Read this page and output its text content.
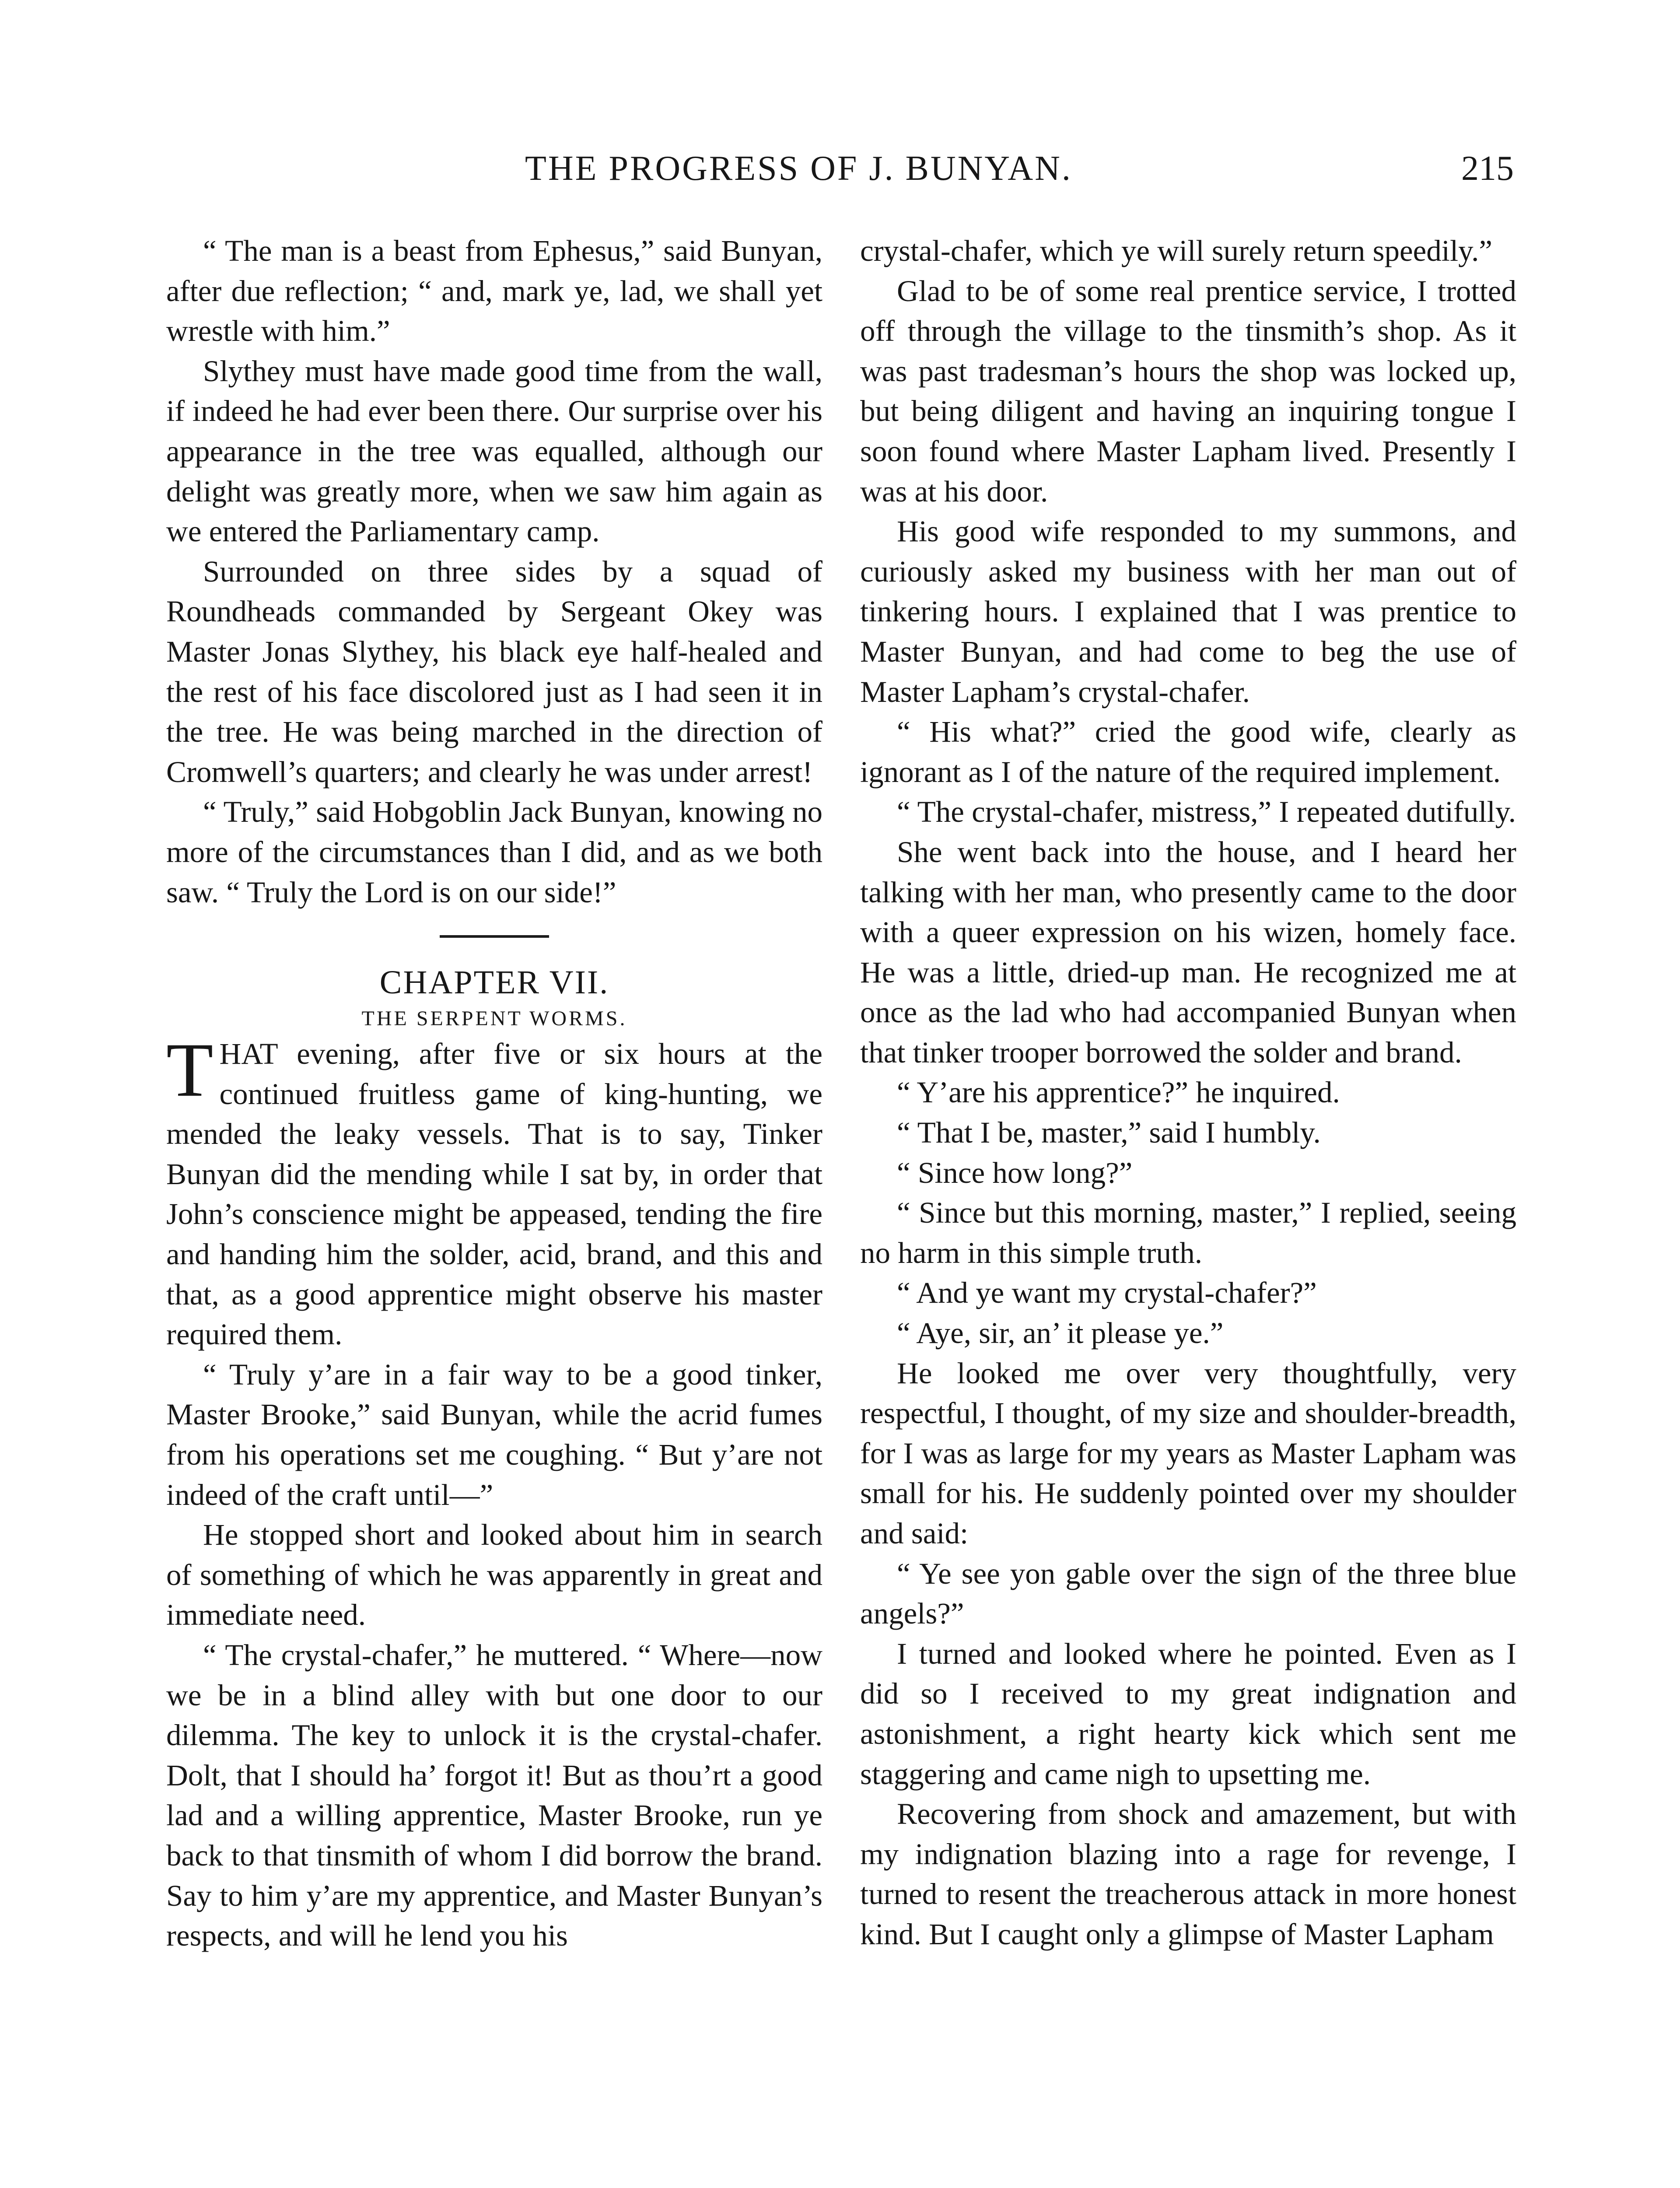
THE PROGRESS OF J. BUNYAN.	215

“ The man is a beast from Ephesus,” said Bunyan, after due reflection; “ and, mark ye, lad, we shall yet wrestle with him.”

Slythey must have made good time from the wall, if indeed he had ever been there. Our surprise over his appearance in the tree was equalled, although our delight was greatly more, when we saw him again as we entered the Parliamentary camp.

Surrounded on three sides by a squad of Roundheads commanded by Sergeant Okey was Master Jonas Slythey, his black eye half-healed and the rest of his face discolored just as I had seen it in the tree. He was being marched in the direction of Cromwell’s quarters; and clearly he was under arrest!

“ Truly,” said Hobgoblin Jack Bunyan, knowing no more of the circumstances than I did, and as we both saw. “ Truly the Lord is on our side!”

CHAPTER VII.

THE SERPENT WORMS.

THAT evening, after five or six hours at the continued fruitless game of king-hunting, we mended the leaky vessels. That is to say, Tinker Bunyan did the mending while I sat by, in order that John’s conscience might be appeased, tending the fire and handing him the solder, acid, brand, and this and that, as a good apprentice might observe his master required them.

“ Truly y’are in a fair way to be a good tinker, Master Brooke,” said Bunyan, while the acrid fumes from his operations set me coughing. “ But y’are not indeed of the craft until—”

He stopped short and looked about him in search of something of which he was apparently in great and immediate need.

“ The crystal-chafer,” he muttered. “ Where—now we be in a blind alley with but one door to our dilemma. The key to unlock it is the crystal-chafer. Dolt, that I should ha’ forgot it! But as thou’rt a good lad and a willing apprentice, Master Brooke, run ye back to that tinsmith of whom I did borrow the brand. Say to him y’are my apprentice, and Master Bunyan’s respects, and will he lend you his

crystal-chafer, which ye will surely return speedily.”

Glad to be of some real prentice service, I trotted off through the village to the tinsmith’s shop. As it was past tradesman’s hours the shop was locked up, but being diligent and having an inquiring tongue I soon found where Master Lapham lived. Presently I was at his door.

His good wife responded to my summons, and curiously asked my business with her man out of tinkering hours. I explained that I was prentice to Master Bunyan, and had come to beg the use of Master Lapham’s crystal-chafer.

“ His what?” cried the good wife, clearly as ignorant as I of the nature of the required implement.

“ The crystal-chafer, mistress,” I repeated dutifully.

She went back into the house, and I heard her talking with her man, who presently came to the door with a queer expression on his wizen, homely face. He was a little, dried-up man. He recognized me at once as the lad who had accompanied Bunyan when that tinker trooper borrowed the solder and brand.

“ Y’are his apprentice?” he inquired.

“ That I be, master,” said I humbly.

“ Since how long?”

“ Since but this morning, master,” I replied, seeing no harm in this simple truth.

“ And ye want my crystal-chafer?”

“ Aye, sir, an’ it please ye.”

He looked me over very thoughtfully, very respectful, I thought, of my size and shoulder-breadth, for I was as large for my years as Master Lapham was small for his. He suddenly pointed over my shoulder and said:

“ Ye see yon gable over the sign of the three blue angels?”

I turned and looked where he pointed. Even as I did so I received to my great indignation and astonishment, a right hearty kick which sent me staggering and came nigh to upsetting me.

Recovering from shock and amazement, but with my indignation blazing into a rage for revenge, I turned to resent the treacherous attack in more honest kind. But I caught only a glimpse of Master Lapham
